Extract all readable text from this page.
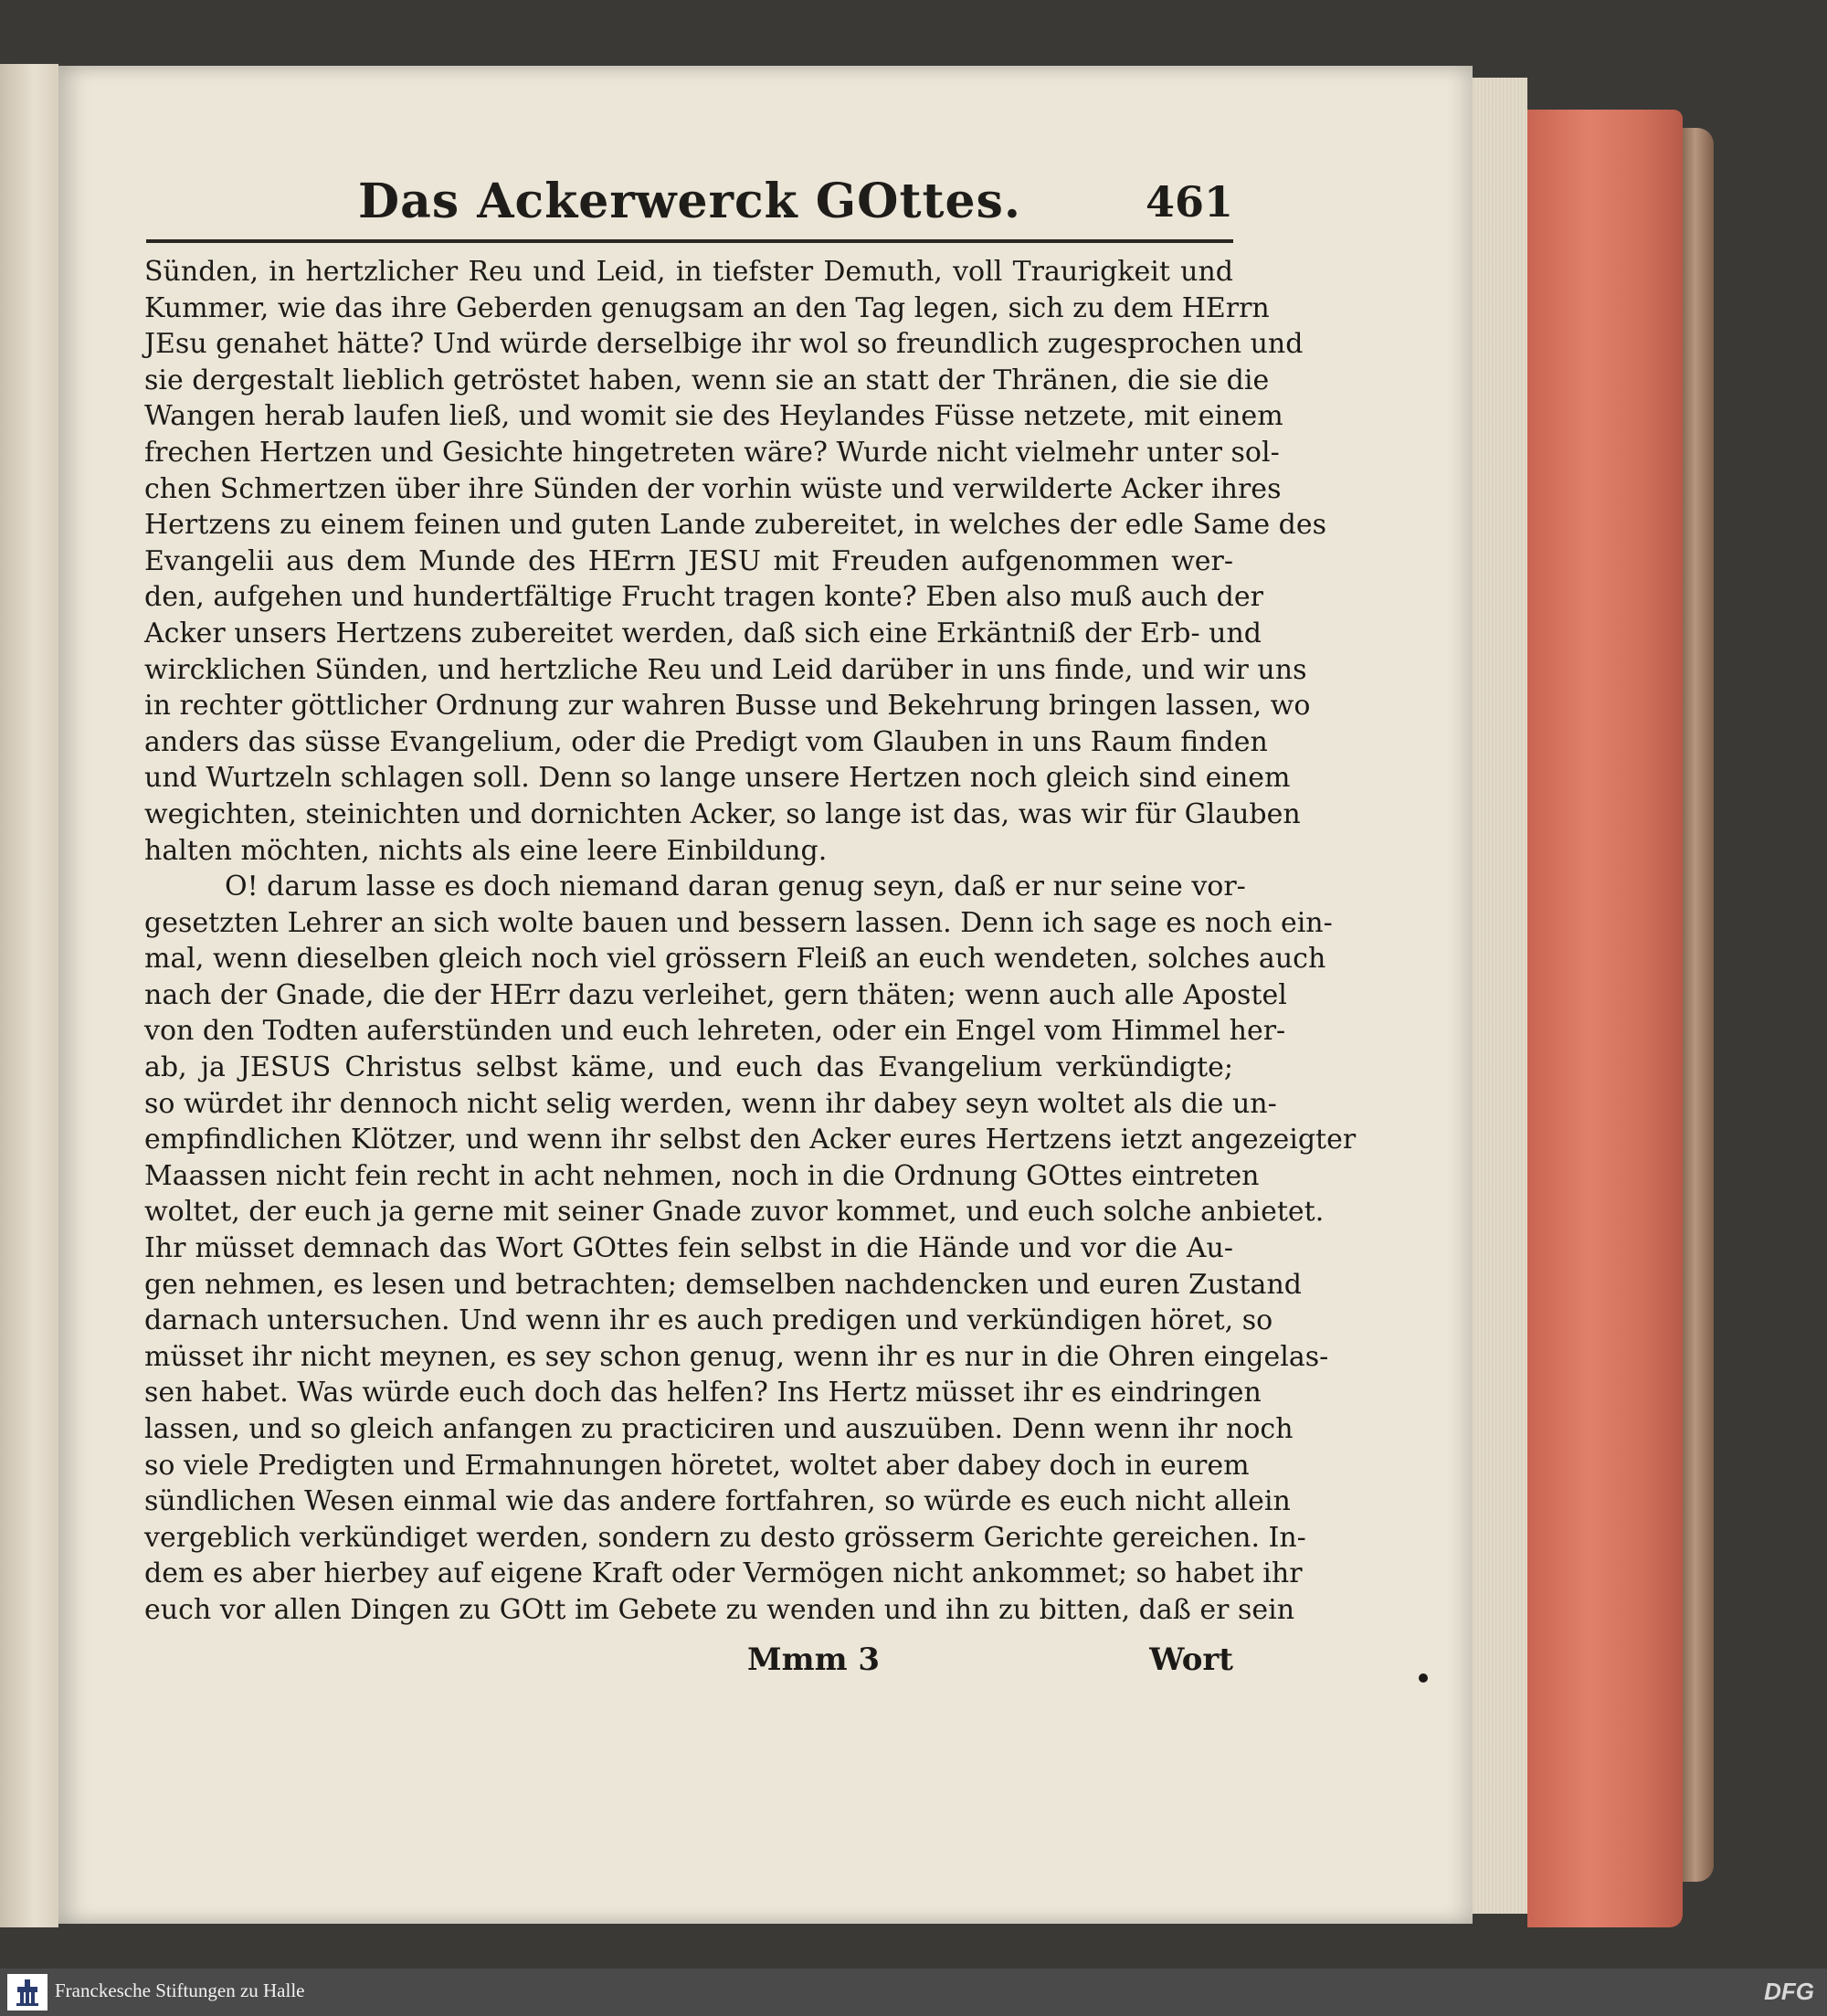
Das Ackerwerck GOttes.	461
Sünden, in hertzlicher Reu und Leid, in tiefster Demuth, voll Traurigkeit und
Kummer, wie das ihre Geberden genugsam an den Tag legen, sich zu dem HErrn
JEsu genahet hätte? Und würde derselbige ihr wol so freundlich zugesprochen und
sie dergestalt lieblich getröstet haben, wenn sie an statt der Thränen, die sie die
Wangen herab laufen ließ, und womit sie des Heylandes Füsse netzete, mit einem
frechen Hertzen und Gesichte hingetreten wäre? Wurde nicht vielmehr unter sol-
chen Schmertzen über ihre Sünden der vorhin wüste und verwilderte Acker ihres
Hertzens zu einem feinen und guten Lande zubereitet, in welches der edle Same des
Evangelii aus dem Munde des HErrn JESU mit Freuden aufgenommen wer-
den, aufgehen und hundertfältige Frucht tragen konte? Eben also muß auch der
Acker unsers Hertzens zubereitet werden, daß sich eine Erkäntniß der Erb- und
wircklichen Sünden, und hertzliche Reu und Leid darüber in uns finde, und wir uns
in rechter göttlicher Ordnung zur wahren Busse und Bekehrung bringen lassen, wo
anders das süsse Evangelium, oder die Predigt vom Glauben in uns Raum finden
und Wurtzeln schlagen soll. Denn so lange unsere Hertzen noch gleich sind einem
wegichten, steinichten und dornichten Acker, so lange ist das, was wir für Glauben
halten möchten, nichts als eine leere Einbildung.
O! darum lasse es doch niemand daran genug seyn, daß er nur seine vor-
gesetzten Lehrer an sich wolte bauen und bessern lassen. Denn ich sage es noch ein-
mal, wenn dieselben gleich noch viel grössern Fleiß an euch wendeten, solches auch
nach der Gnade, die der HErr dazu verleihet, gern thäten; wenn auch alle Apostel
von den Todten auferstünden und euch lehreten, oder ein Engel vom Himmel her-
ab, ja JESUS Christus selbst käme, und euch das Evangelium verkündigte;
so würdet ihr dennoch nicht selig werden, wenn ihr dabey seyn woltet als die un-
empfindlichen Klötzer, und wenn ihr selbst den Acker eures Hertzens ietzt angezeigter
Maassen nicht fein recht in acht nehmen, noch in die Ordnung GOttes eintreten
woltet, der euch ja gerne mit seiner Gnade zuvor kommet, und euch solche anbietet.
Ihr müsset demnach das Wort GOttes fein selbst in die Hände und vor die Au-
gen nehmen, es lesen und betrachten; demselben nachdencken und euren Zustand
darnach untersuchen. Und wenn ihr es auch predigen und verkündigen höret, so
müsset ihr nicht meynen, es sey schon genug, wenn ihr es nur in die Ohren eingelas-
sen habet. Was würde euch doch das helfen? Ins Hertz müsset ihr es eindringen
lassen, und so gleich anfangen zu practiciren und auszuüben. Denn wenn ihr noch
so viele Predigten und Ermahnungen höretet, woltet aber dabey doch in eurem
sündlichen Wesen einmal wie das andere fortfahren, so würde es euch nicht allein
vergeblich verkündiget werden, sondern zu desto grösserm Gerichte gereichen. In-
dem es aber hierbey auf eigene Kraft oder Vermögen nicht ankommet; so habet ihr
euch vor allen Dingen zu GOtt im Gebete zu wenden und ihn zu bitten, daß er sein
Mmm 3	Wort
Franckesche Stiftungen zu Halle	DFG
